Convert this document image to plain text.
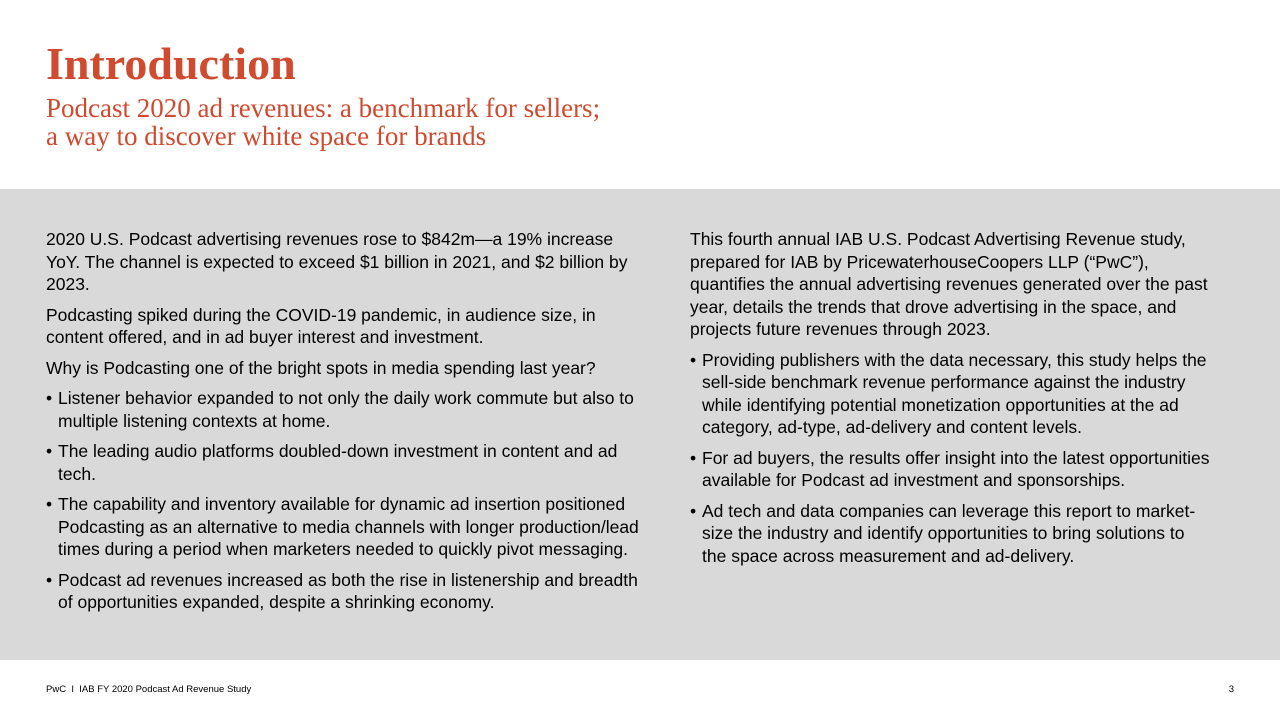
Introduction
Podcast 2020 ad revenues: a benchmark for sellers;
a way to discover white space for brands

2020 U.S. Podcast advertising revenues rose to $842m—a 19% increase YoY. The channel is expected to exceed $1 billion in 2021, and $2 billion by 2023.

Podcasting spiked during the COVID-19 pandemic, in audience size, in content offered, and in ad buyer interest and investment.

Why is Podcasting one of the bright spots in media spending last year?

• Listener behavior expanded to not only the daily work commute but also to multiple listening contexts at home.
• The leading audio platforms doubled-down investment in content and ad tech.
• The capability and inventory available for dynamic ad insertion positioned Podcasting as an alternative to media channels with longer production/lead times during a period when marketers needed to quickly pivot messaging.
• Podcast ad revenues increased as both the rise in listenership and breadth of opportunities expanded, despite a shrinking economy.

This fourth annual IAB U.S. Podcast Advertising Revenue study, prepared for IAB by PricewaterhouseCoopers LLP (“PwC”), quantifies the annual advertising revenues generated over the past year, details the trends that drove advertising in the space, and projects future revenues through 2023.

• Providing publishers with the data necessary, this study helps the sell-side benchmark revenue performance against the industry while identifying potential monetization opportunities at the ad category, ad-type, ad-delivery and content levels.
• For ad buyers, the results offer insight into the latest opportunities available for Podcast ad investment and sponsorships.
• Ad tech and data companies can leverage this report to market-size the industry and identify opportunities to bring solutions to the space across measurement and ad-delivery.
PwC  I  IAB FY 2020 Podcast Ad Revenue Study	3
